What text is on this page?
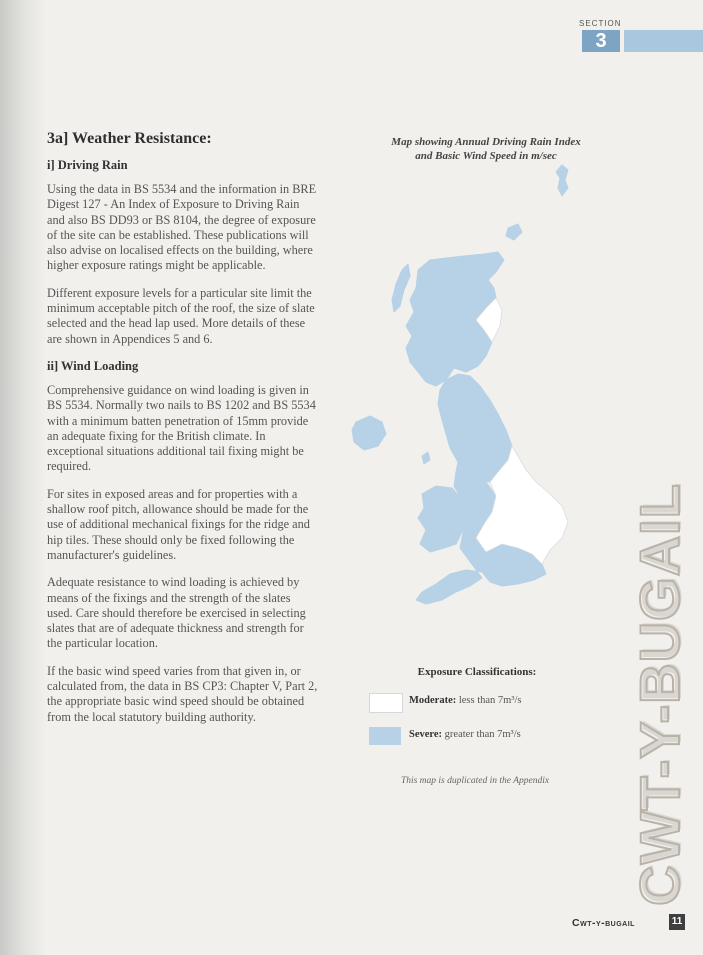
SECTION
3
3a] Weather Resistance:
i] Driving Rain

Using the data in BS 5534 and the information in BRE Digest 127 - An Index of Exposure to Driving Rain and also BS DD93 or BS 8104, the degree of exposure of the site can be established. These publications will also advise on localised effects on the building, where higher exposure ratings might be applicable.

Different exposure levels for a particular site limit the minimum acceptable pitch of the roof, the size of slate selected and the head lap used. More details of these are shown in Appendices 5 and 6.

ii] Wind Loading

Comprehensive guidance on wind loading is given in BS 5534. Normally two nails to BS 1202 and BS 5534 with a minimum batten penetration of 15mm provide an adequate fixing for the British climate. In exceptional situations additional tail fixing might be required.

For sites in exposed areas and for properties with a shallow roof pitch, allowance should be made for the use of additional mechanical fixings for the ridge and hip tiles. These should only be fixed following the manufacturer's guidelines.

Adequate resistance to wind loading is achieved by means of the fixings and the strength of the slates used. Care should therefore be exercised in selecting slates that are of adequate thickness and strength for the particular location.

If the basic wind speed varies from that given in, or calculated from, the data in BS CP3: Chapter V, Part 2, the appropriate basic wind speed should be obtained from the local statutory building authority.

Map showing Annual Driving Rain Index
and Basic Wind Speed in m/sec
Exposure Classifications:
Moderate: less than 7m³/s
Severe: greater than 7m³/s
This map is duplicated in the Appendix	CWT-Y-BUGAIL
Cwt-y-bugail	11
